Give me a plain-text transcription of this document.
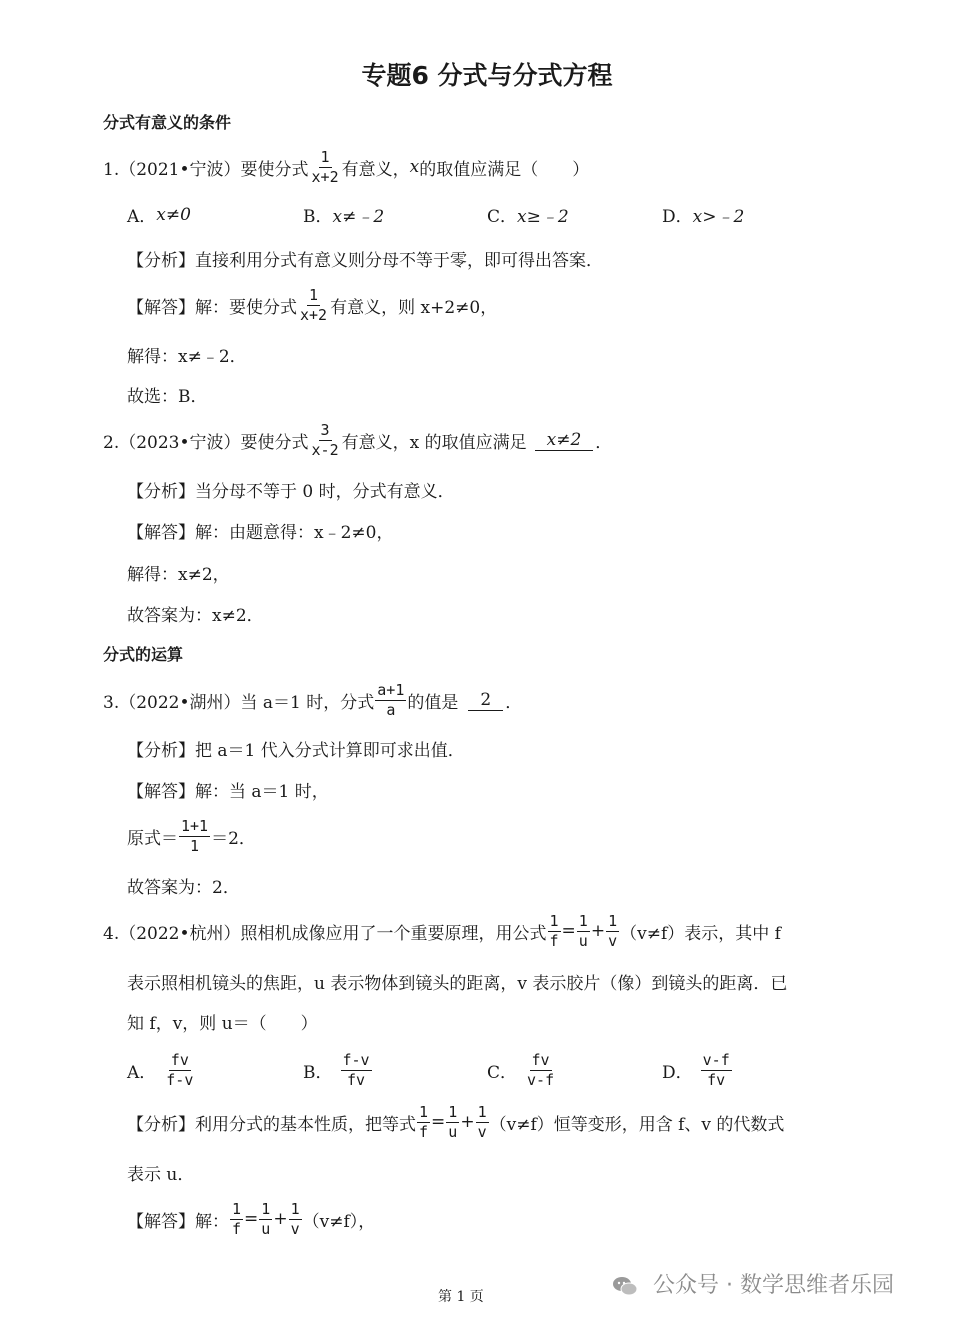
专题6 分式与分式方程
分式有意义的条件
1.（2021•宁波）要使分式 $\frac{1}{x+2}$ 有意义， x 的取值应满足（　　）
A． x≠0	B． x≠﹣2	C． x≥﹣2	D． x>﹣2
【分析】直接利用分式有意义则分母不等于零，即可得出答案．
【解答】解：要使分式 $\frac{1}{x+2}$ 有意义，则 x+2≠0，
解得：x≠﹣2．
故选：B．
2.（2023•宁波）要使分式 $\frac{3}{x-2}$ 有意义，x 的取值应满足	x≠2 ．
【分析】当分母不等于 0 时，分式有意义．
【解答】解：由题意得：x﹣2≠0，
解得：x≠2，
故答案为：x≠2．
分式的运算
3.（2022•湖州）当 a＝1 时，分式 $\frac{a+1}{a}$ 的值是	2 ．
【分析】把 a＝1 代入分式计算即可求出值．
【解答】解：当 a＝1 时，
原式＝ $\frac{1+1}{1} =2$．
故答案为：2．
4.（2022•杭州）照相机成像应用了一个重要原理，用公式 $\frac{1}{f} = \frac{1}{u} + \frac{1}{v} (v\ne f)$表示，其中 f
表示照相机镜头的焦距，u 表示物体到镜头的距离，v 表示胶片（像）到镜头的距离．已
知 f，v，则 u＝（　　）
A． $\frac{fv}{f-v}$	B． $\frac{f-v}{fv}$	C． $\frac{fv}{v-f}$	D． $\frac{v-f}{fv}$
【分析】利用分式的基本性质，把等式 $\frac{1}{f} = \frac{1}{u} + \frac{1}{v} (v\ne f)$恒等变形，用含 f、v 的代数式
表示 u．
【解答】解： $\frac{1}{f} = \frac{1}{u} + \frac{1}{v} (v\ne f)$，
第 1 页	公众号 · 数学思维者乐园
